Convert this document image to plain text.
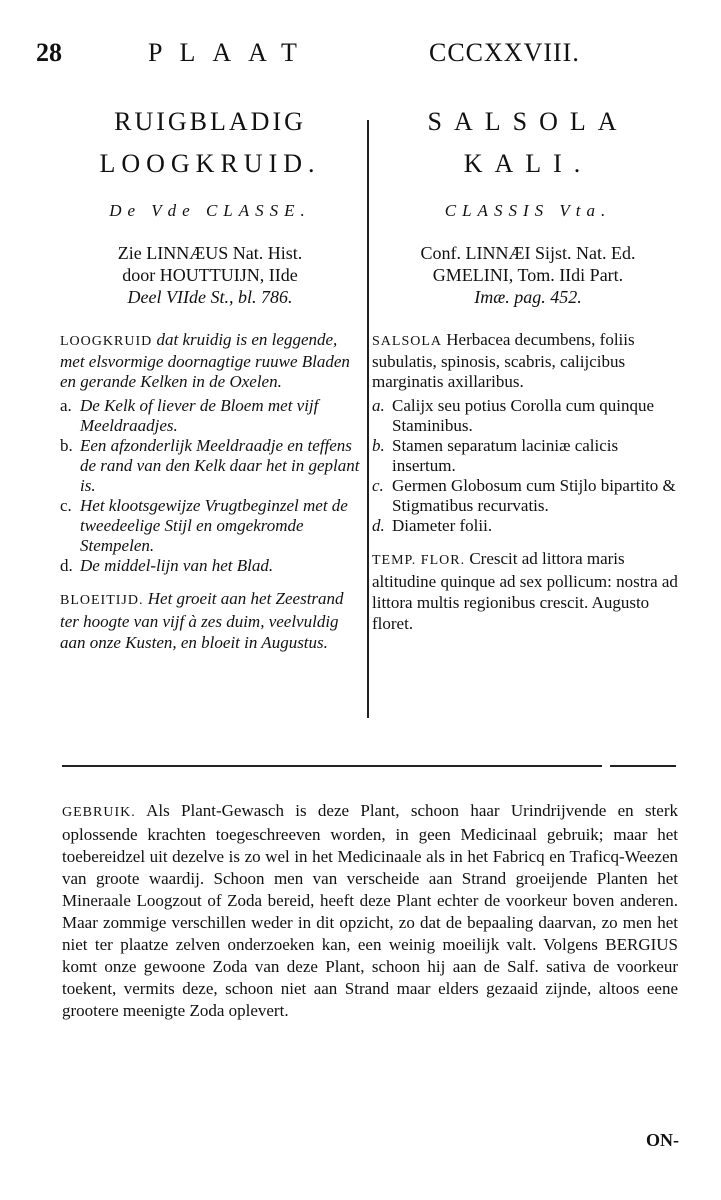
28	PLAAT	CCCXXVIII.
RUIGBLADIG
LOOGKRUID.
De Vde CLASSE.
Zie LINNÆUS Nat. Hist.
door HOUTTUIJN, IIde
Deel VIIde St., bl. 786.

LOOGKRUID dat kruidig is en leggende, met elsvormige doornagtige ruuwe Bladen en gerande Kelken in de Oxelen.

a. De Kelk of liever de Bloem met vijf Meeldraadjes.
b. Een afzonderlijk Meeldraadje en teffens de rand van den Kelk daar het in geplant is.
c. Het klootsgewijze Vrugtbeginzel met de tweedeelige Stijl en omgekromde Stempelen.
d. De middel-lijn van het Blad.
BLOEITIJD. Het groeit aan het Zeestrand ter hoogte van vijf à zes duim, veelvuldig aan onze Kusten, en bloeit in Augustus.
SALSOLA
KALI.
CLASSIS Vta.
Conf. LINNÆI Sijst. Nat. Ed.
GMELINI, Tom. IIdi Part.
Imæ. pag. 452.

SALSOLA Herbacea decumbens, foliis subulatis, spinosis, scabris, calijcibus marginatis axillaribus.

a. Calijx seu potius Corolla cum quinque Staminibus.
b. Stamen separatum laciniæ calicis insertum.
c. Germen Globosum cum Stijlo bipartito & Stigmatibus recurvatis.
d. Diameter folii.
TEMP. FLOR. Crescit ad littora maris altitudine quinque ad sex pollicum: nostra ad littora multis regionibus crescit. Augusto floret.

GEBRUIK. Als Plant-Gewasch is deze Plant, schoon haar Urindrijvende en sterk oplossende krachten toegeschreeven worden, in geen Medicinaal gebruik; maar het toebereidzel uit dezelve is zo wel in het Medicinaale als in het Fabricq en Traficq-Weezen van groote waardij. Schoon men van verscheide aan Strand groeijende Planten het Mineraale Loogzout of Zoda bereid, heeft deze Plant echter de voorkeur boven anderen. Maar zommige verschillen weder in dit opzicht, zo dat de bepaaling daarvan, zo men het niet ter plaatze zelven onderzoeken kan, een weinig moeilijk valt. Volgens BERGIUS komt onze gewoone Zoda van deze Plant, schoon hij aan de Salf. sativa de voorkeur toekent, vermits deze, schoon niet aan Strand maar elders gezaaid zijnde, altoos eene grootere meenigte Zoda oplevert.

ON-
